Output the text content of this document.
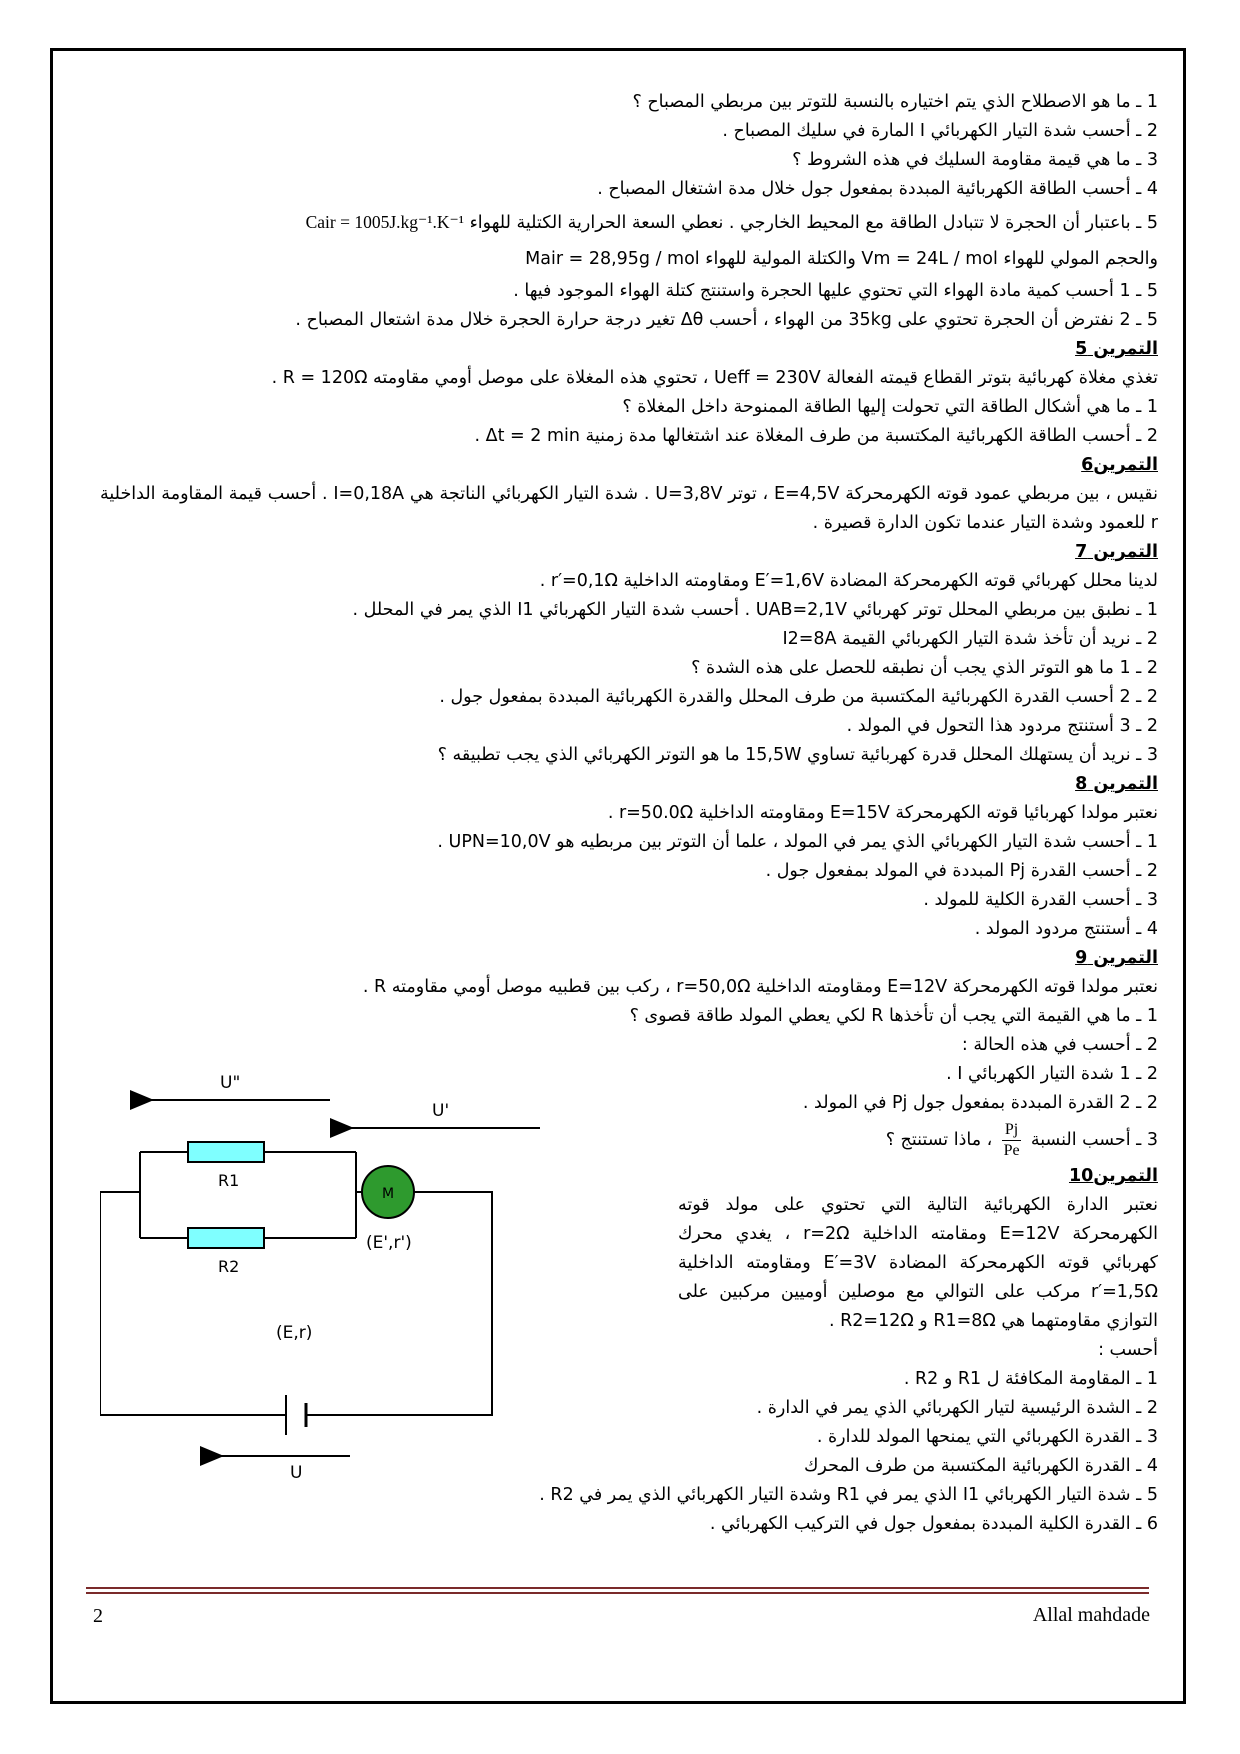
1 ـ ما هو الاصطلاح الذي يتم اختياره بالنسبة للتوتر بين مربطي المصباح ؟
2 ـ أحسب شدة التيار الكهربائي I المارة في سليك المصباح .
3 ـ ما هي قيمة مقاومة السليك في هذه الشروط ؟
4 ـ أحسب الطاقة الكهربائية المبددة بمفعول جول خلال مدة اشتغال المصباح .
5 ـ باعتبار أن الحجرة لا تتبادل الطاقة مع المحيط الخارجي . نعطي السعة الحرارية الكتلية للهواء Cair = 1005J.kg⁻¹.K⁻¹
والحجم المولي للهواء Vm = 24L / mol والكتلة المولية للهواء Mair = 28,95g / mol
5 ـ 1 أحسب كمية مادة الهواء التي تحتوي عليها الحجرة واستنتج كتلة الهواء الموجود فيها .
5 ـ 2 نفترض أن الحجرة تحتوي على 35kg من الهواء ، أحسب Δθ تغير درجة حرارة الحجرة خلال مدة اشتعال المصباح .
التمرين 5
تغذي مغلاة كهربائية بتوتر القطاع قيمته الفعالة Ueff = 230V ، تحتوي هذه المغلاة على موصل أومي مقاومته R = 120Ω .
1 ـ ما هي أشكال الطاقة التي تحولت إليها الطاقة الممنوحة داخل المغلاة ؟
2 ـ أحسب الطاقة الكهربائية المكتسبة من طرف المغلاة عند اشتغالها مدة زمنية Δt = 2 min .
التمرين6
نقيس ، بين مربطي عمود قوته الكهرمحركة E=4,5V ، توتر U=3,8V . شدة التيار الكهربائي الناتجة هي I=0,18A . أحسب قيمة المقاومة الداخلية r للعمود وشدة التيار عندما تكون الدارة قصيرة .
التمرين 7
لدينا محلل كهربائي قوته الكهرمحركة المضادة E′=1,6V ومقاومته الداخلية r′=0,1Ω .
1 ـ نطبق بين مربطي المحلل توتر كهربائي UAB=2,1V . أحسب شدة التيار الكهربائي I1 الذي يمر في المحلل .
2 ـ نريد أن تأخذ شدة التيار الكهربائي القيمة I2=8A
2 ـ 1 ما هو التوتر الذي يجب أن نطبقه للحصل على هذه الشدة ؟
2 ـ 2 أحسب القدرة الكهربائية المكتسبة من طرف المحلل والقدرة الكهربائية المبددة بمفعول جول .
2 ـ 3 أستنتج مردود هذا التحول في المولد .
3 ـ نريد أن يستهلك المحلل قدرة كهربائية تساوي 15,5W ما هو التوتر الكهربائي الذي يجب تطبيقه ؟
التمرين 8
نعتبر مولدا كهربائيا قوته الكهرمحركة E=15V ومقاومته الداخلية r=50.0Ω .
1 ـ أحسب شدة التيار الكهربائي الذي يمر في المولد ، علما أن التوتر بين مربطيه هو UPN=10,0V .
2 ـ أحسب القدرة Pj المبددة في المولد بمفعول جول .
3 ـ أحسب القدرة الكلية للمولد .
4 ـ أستنتج مردود المولد .
التمرين 9
نعتبر مولدا قوته الكهرمحركة E=12V ومقاومته الداخلية r=50,0Ω ، ركب بين قطبيه موصل أومي مقاومته R .
1 ـ ما هي القيمة التي يجب أن تأخذها R لكي يعطي المولد طاقة قصوى ؟
2 ـ أحسب في هذه الحالة :
2 ـ 1 شدة التيار الكهربائي I .
2 ـ 2 القدرة المبددة بمفعول جول Pj في المولد .
3 ـ أحسب النسبة
$\frac{Pj}{Pe}$
، ماذا تستنتج ؟
التمرين10
نعتبر الدارة الكهربائية التالية التي تحتوي على مولد قوته الكهرمحركة E=12V ومقامته الداخلية r=2Ω ، يغدي محرك كهربائي قوته الكهرمحركة المضادة E′=3V ومقاومته الداخلية r′=1,5Ω مركب على التوالي مع موصلين أوميين مركبين على التوازي مقاومتهما هي R1=8Ω و R2=12Ω .
أحسب :
1 ـ المقاومة المكافئة ل R1 و R2 .
2 ـ الشدة الرئيسية لتيار الكهربائي الذي يمر في الدارة .
3 ـ القدرة الكهربائي التي يمنحها المولد للدارة .
4 ـ القدرة الكهربائية المكتسبة من طرف المحرك
5 ـ شدة التيار الكهربائي I1 الذي يمر في R1 وشدة التيار الكهربائي الذي يمر في R2 .
6 ـ القدرة الكلية المبددة بمفعول جول في التركيب الكهربائي .
U"
U'
R1
R2
M
(E',r')
(E,r)
U
2	Allal mahdade
